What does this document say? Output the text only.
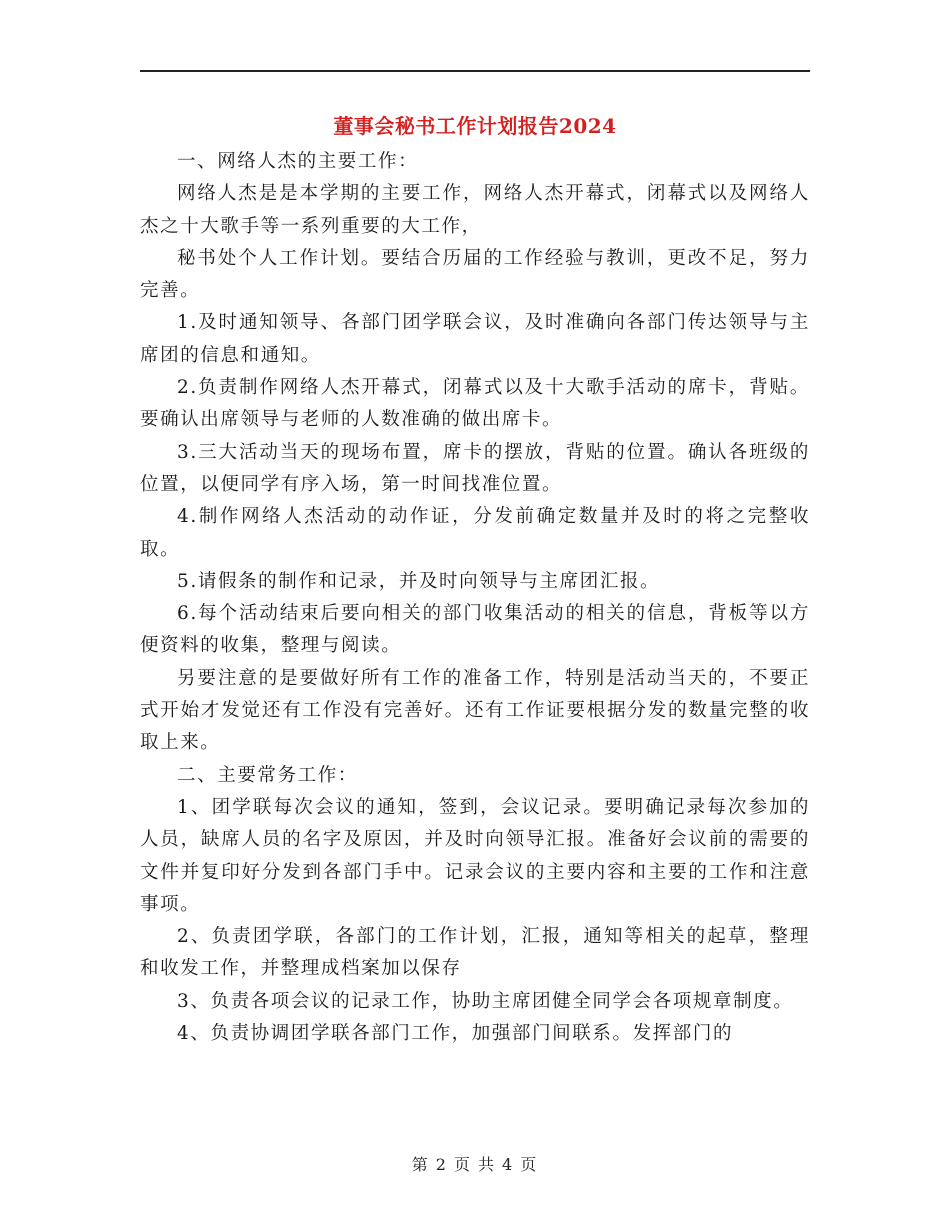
董事会秘书工作计划报告2024

一、网络人杰的主要工作：

网络人杰是是本学期的主要工作，网络人杰开幕式，闭幕式以及网络人杰之十大歌手等一系列重要的大工作，

秘书处个人工作计划。要结合历届的工作经验与教训，更改不足，努力完善。

1.及时通知领导、各部门团学联会议，及时准确向各部门传达领导与主席团的信息和通知。

2.负责制作网络人杰开幕式，闭幕式以及十大歌手活动的席卡，背贴。要确认出席领导与老师的人数准确的做出席卡。

3.三大活动当天的现场布置，席卡的摆放，背贴的位置。确认各班级的位置，以便同学有序入场，第一时间找准位置。

4.制作网络人杰活动的动作证，分发前确定数量并及时的将之完整收取。

5.请假条的制作和记录，并及时向领导与主席团汇报。

6.每个活动结束后要向相关的部门收集活动的相关的信息，背板等以方便资料的收集，整理与阅读。

另要注意的是要做好所有工作的准备工作，特别是活动当天的，不要正式开始才发觉还有工作没有完善好。还有工作证要根据分发的数量完整的收取上来。

二、主要常务工作：

1、团学联每次会议的通知，签到，会议记录。要明确记录每次参加的人员，缺席人员的名字及原因，并及时向领导汇报。准备好会议前的需要的文件并复印好分发到各部门手中。记录会议的主要内容和主要的工作和注意事项。

2、负责团学联，各部门的工作计划，汇报，通知等相关的起草，整理和收发工作，并整理成档案加以保存

3、负责各项会议的记录工作，协助主席团健全同学会各项规章制度。

4、负责协调团学联各部门工作，加强部门间联系。发挥部门的

第 2 页 共 4 页
